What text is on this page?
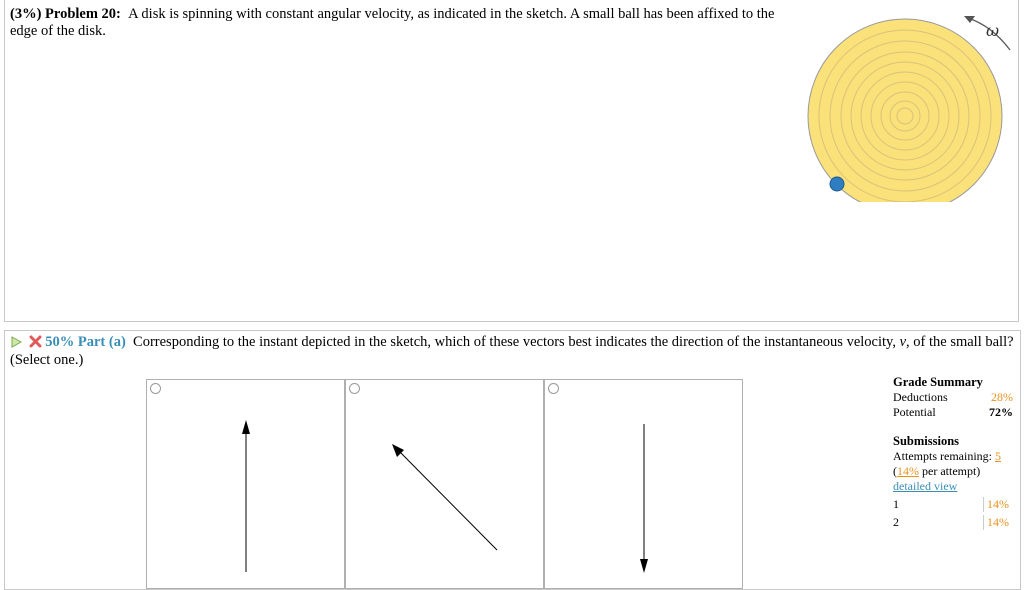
(3%) Problem 20: A disk is spinning with constant angular velocity, as indicated in the sketch. A small ball has been affixed to the edge of the disk.	ω
50% Part (a) Corresponding to the instant depicted in the sketch, which of these vectors best indicates the direction of the instantaneous velocity, v, of the small ball? (Select one.)
Grade Summary
Deductions	28%
Potential	72%
Submissions
Attempts remaining: 5
(14% per attempt)
detailed view
1	14%
2	14%
